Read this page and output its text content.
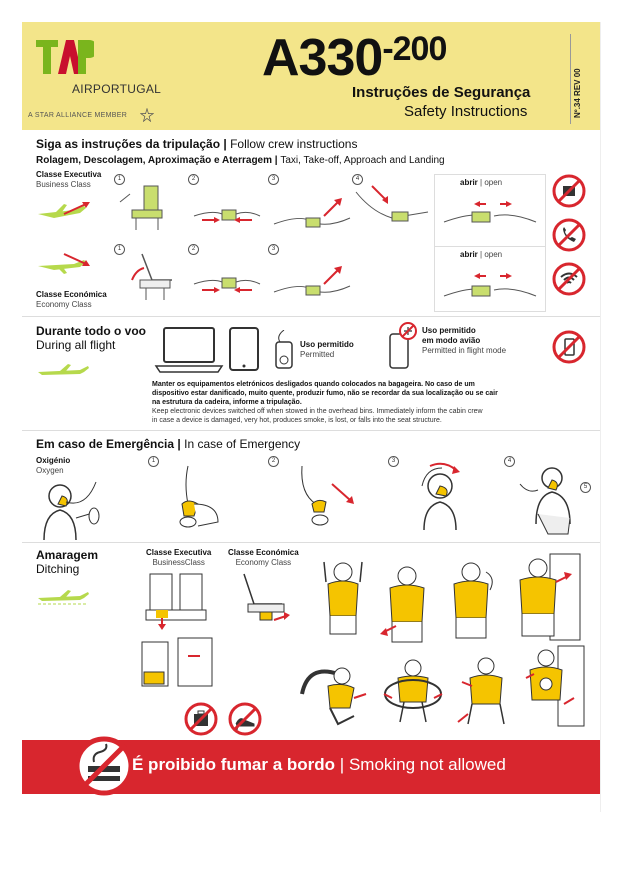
AIRPORTUGAL
A STAR ALLIANCE MEMBER
$A330^{-200}$
Instruções de Segurança
Safety Instructions	Nº.34 REV 00
Siga as instruções da tripulação | Follow crew instructions
Rolagem, Descolagem, Aproximação e Aterragem | Taxi, Take-off, Approach and Landing
Classe Executiva
Business Class
1	2	3	4	abrir | open
Classe Económica
Economy Class
1	2	3
abrir | open
Durante todo o voo
During all flight	Uso permitido
Permitted
Uso permitido
em modo avião
Permitted in flight mode
Manter os equipamentos eletrónicos desligados quando colocados na bagageira. No caso de um
dispositivo estar danificado, muito quente, produzir fumo, não se recordar da sua localização ou se cair
na estrutura da cadeira, informe a tripulação.
Keep electronic devices switched off when stowed in the overhead bins. Immediately inform the cabin crew
in case a device is damaged, very hot, produces smoke, is lost, or falls into the seat structure.
Em caso de Emergência | In case of Emergency
Oxigénio
Oxygen
1	2	3	4
5
Amaragem
Ditching
Classe Executiva
BusinessClass
Classe Económica
Economy Class
É proibido fumar a bordo | Smoking not allowed
